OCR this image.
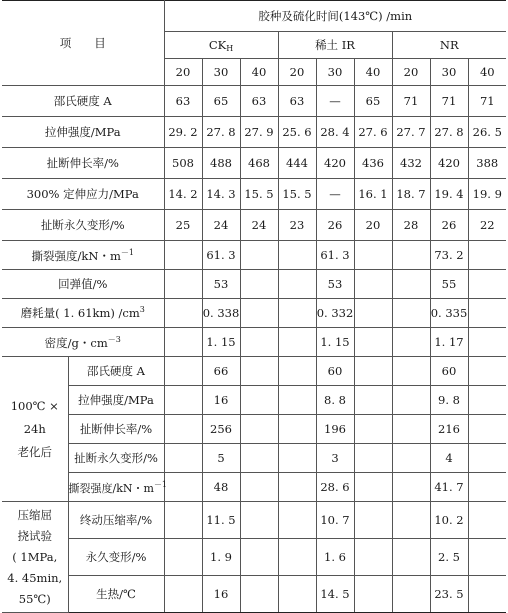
项　　目		胶种及硫化时间(143℃) /min								
		$CK_H$			稀土 IR			NR		
		20	30	40	20	30	40	20	30	40
邵氏硬度 A		63	65	63	63	—	65	71	71	71
拉伸强度/MPa		29. 2	27. 8	27. 9	25. 6	28. 4	27. 6	27. 7	27. 8	26. 5
扯断伸长率/%		508	488	468	444	420	436	432	420	388
300% 定伸应力/MPa		14. 2	14. 3	15. 5	15. 5	—	16. 1	18. 7	19. 4	19. 9
扯断永久变形/%		25	24	24	23	26	20	28	26	22
撕裂强度/kN・$m^{-1}$			61. 3			61. 3			73. 2	
回弹值/%			53			53			55	
磨耗量( 1. 61km) $/cm^3$			0. 338			0. 332			0. 335	
密度/g・$cm^{-3}$			1. 15			1. 15			1. 17	
100℃ ×
24h
老化后	邵氏硬度 A		66			60			60	
	拉伸强度/MPa		16			8. 8			9. 8	
	扯断伸长率/%		256			196			216	
	扯断永久变形/%		5			3			4	
	撕裂强度/kN・$m^{-1}$		48			28. 6			41. 7	
压缩屈
挠试验
( 1MPa,
4. 45min,
55℃)	终动压缩率/%		11. 5			10. 7			10. 2	
	永久变形/%		1. 9			1. 6			2. 5	
	生热/℃		16			14. 5			23. 5	
